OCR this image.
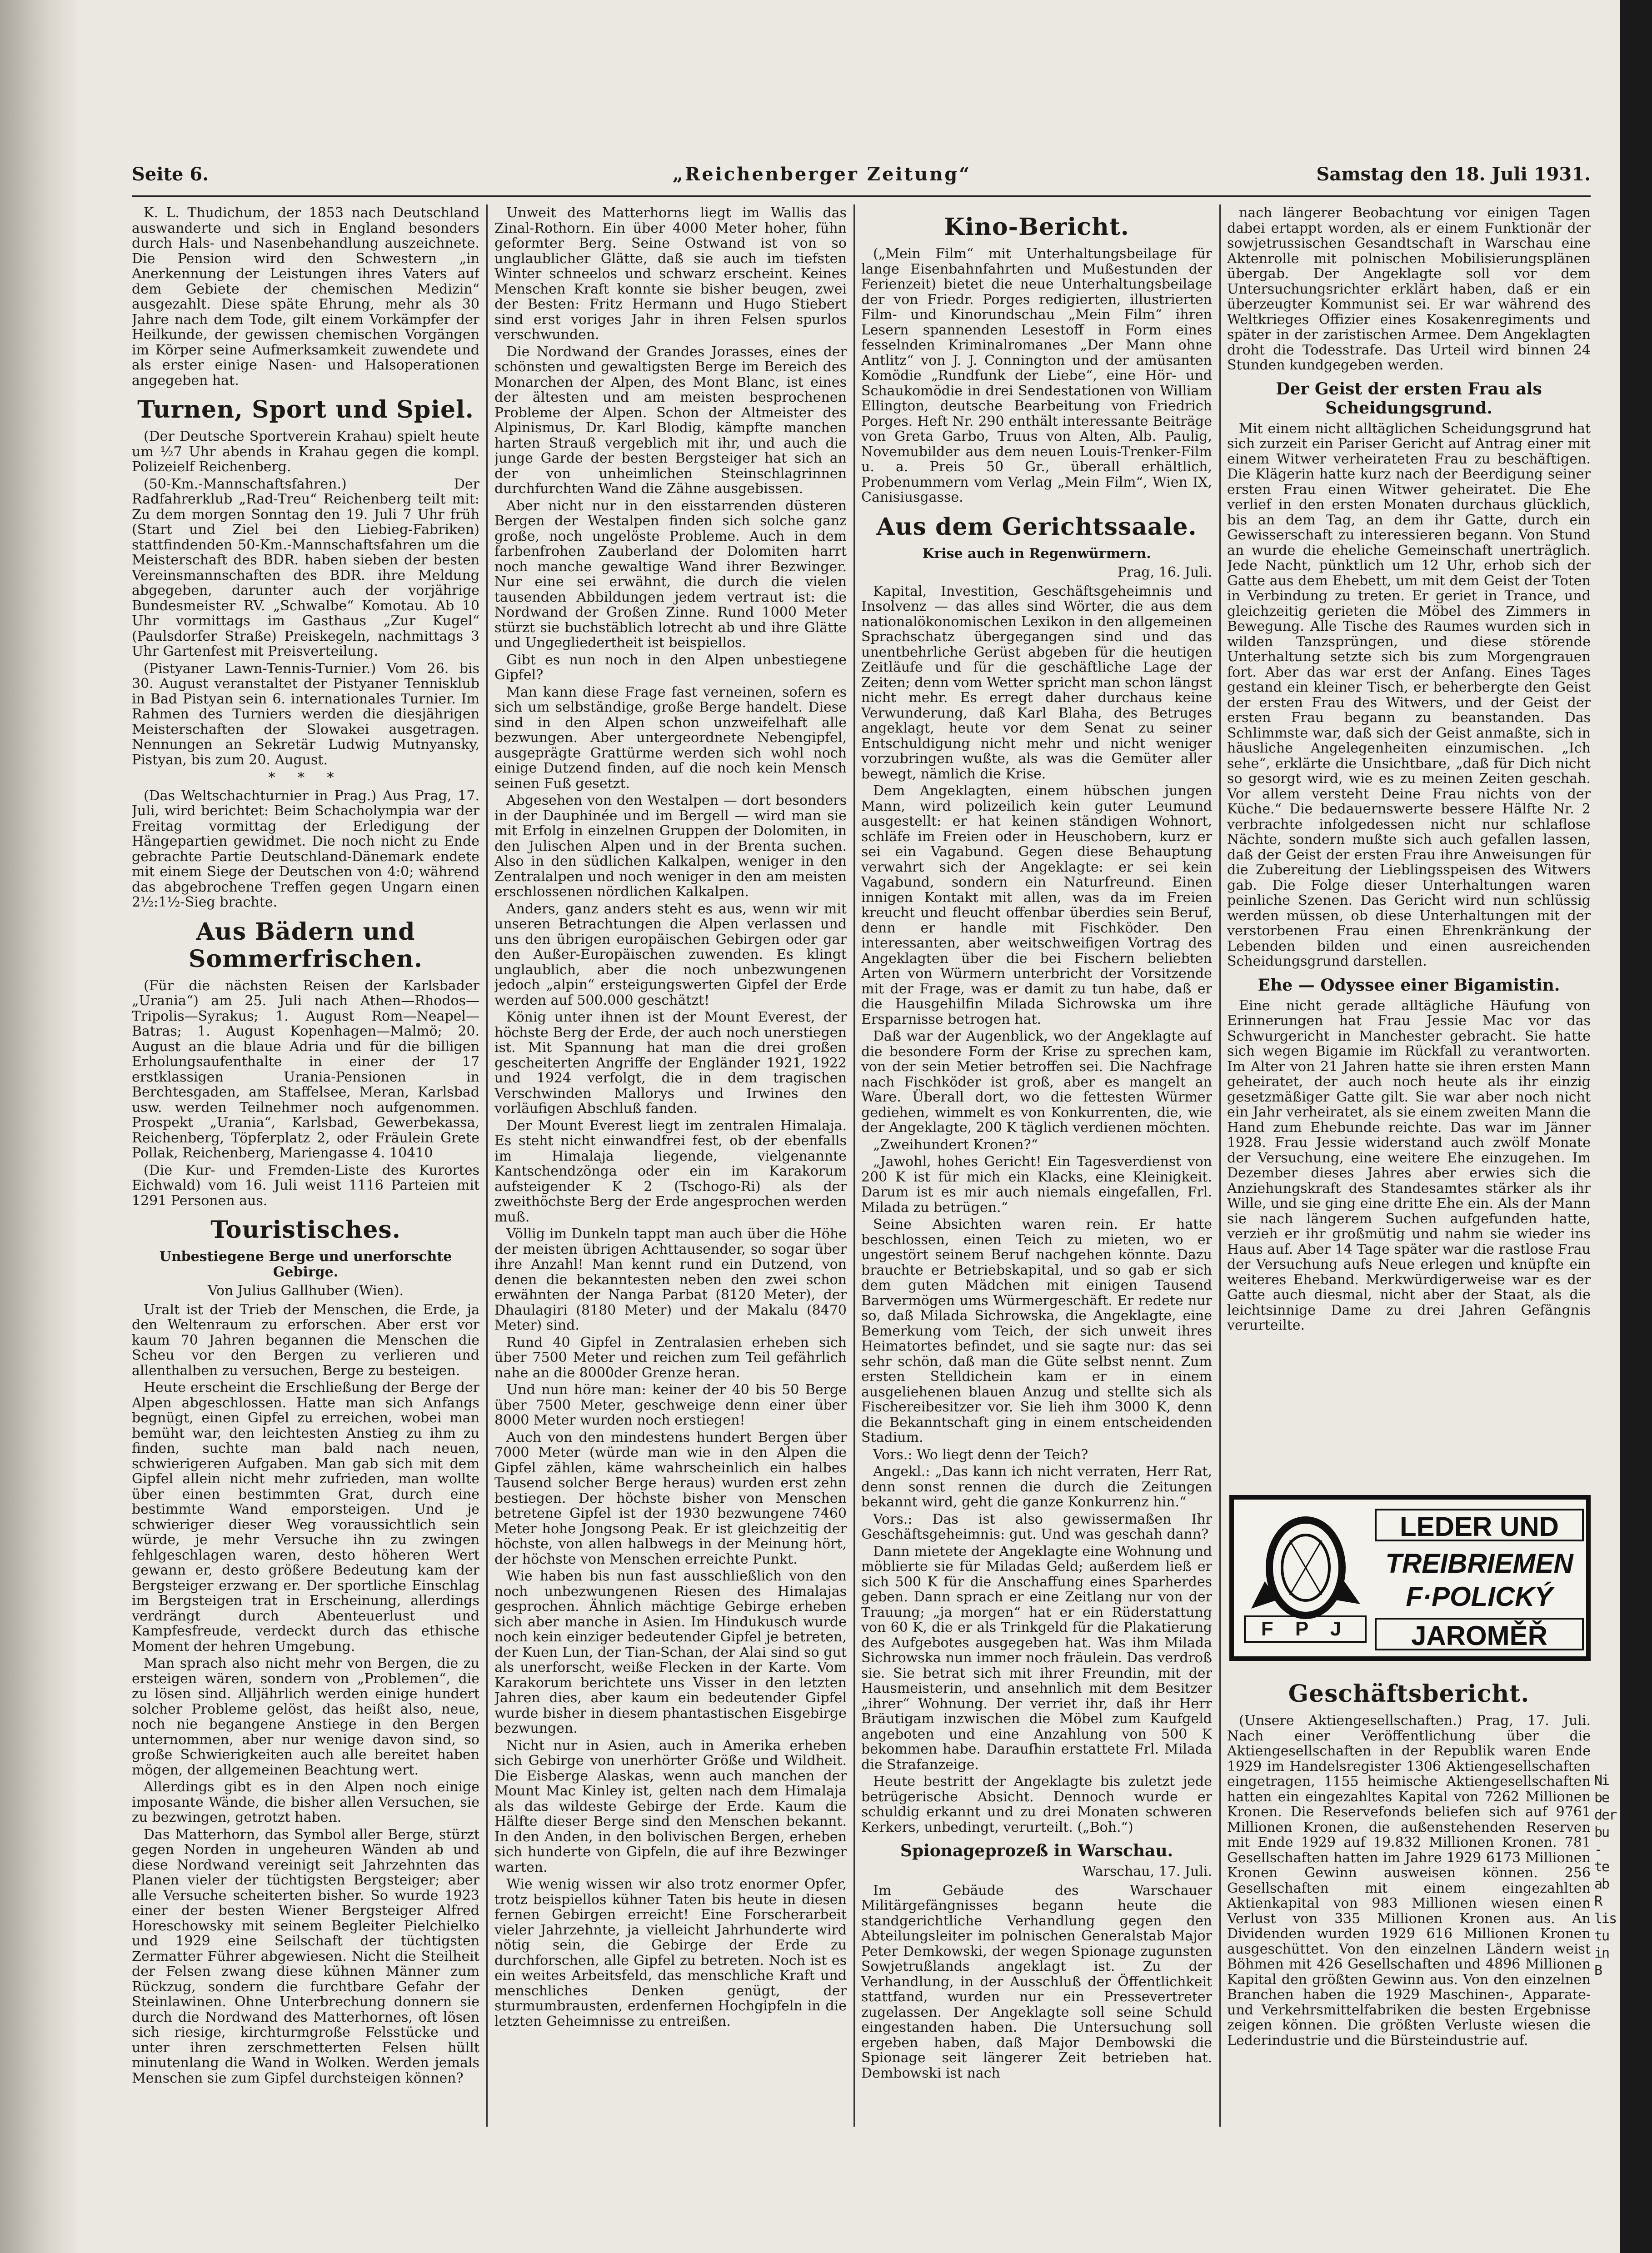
Ni
be
der
bu
-
te
ab
R
lis
tu
in
B
Seite 6.	„Reichenberger Zeitung“	Samstag den 18. Juli 1931.

K. L. Thudichum, der 1853 nach Deutschland auswanderte und sich in England besonders durch Hals- und Nasenbehandlung auszeichnete. Die Pension wird den Schwestern „in Anerkennung der Leistungen ihres Vaters auf dem Gebiete der chemischen Medizin“ ausgezahlt. Diese späte Ehrung, mehr als 30 Jahre nach dem Tode, gilt einem Vorkämpfer der Heilkunde, der gewissen chemischen Vorgängen im Körper seine Aufmerksamkeit zuwendete und als erster einige Nasen- und Halsoperationen angegeben hat.

Turnen, Sport und Spiel.

(Der Deutsche Sportverein Krahau) spielt heute um ½7 Uhr abends in Krahau gegen die kompl. Polizeielf Reichenberg.

(50-Km.-Mannschaftsfahren.) Der Radfahrerklub „Rad-Treu“ Reichenberg teilt mit: Zu dem morgen Sonntag den 19. Juli 7 Uhr früh (Start und Ziel bei den Liebieg-Fabriken) stattfindenden 50-Km.-Mannschaftsfahren um die Meisterschaft des BDR. haben sieben der besten Vereinsmannschaften des BDR. ihre Meldung abgegeben, darunter auch der vorjährige Bundesmeister RV. „Schwalbe“ Komotau. Ab 10 Uhr vormittags im Gasthaus „Zur Kugel“ (Paulsdorfer Straße) Preiskegeln, nachmittags 3 Uhr Gartenfest mit Preisverteilung.

(Pistyaner Lawn-Tennis-Turnier.) Vom 26. bis 30. August veranstaltet der Pistyaner Tennisklub in Bad Pistyan sein 6. internationales Turnier. Im Rahmen des Turniers werden die diesjährigen Meisterschaften der Slowakei ausgetragen. Nennungen an Sekretär Ludwig Mutnyansky, Pistyan, bis zum 20. August.

* * *

(Das Weltschachturnier in Prag.) Aus Prag, 17. Juli, wird berichtet: Beim Schacholympia war der Freitag vormittag der Erledigung der Hängepartien gewidmet. Die noch nicht zu Ende gebrachte Partie Deutschland-Dänemark endete mit einem Siege der Deutschen von 4:0; während das abgebrochene Treffen gegen Ungarn einen 2½:1½-Sieg brachte.

Aus Bädern und Sommerfrischen.

(Für die nächsten Reisen der Karlsbader „Urania“) am 25. Juli nach Athen—Rhodos—Tripolis—Syrakus; 1. August Rom—Neapel—Batras; 1. August Kopenhagen—Malmö; 20. August an die blaue Adria und für die billigen Erholungsaufenthalte in einer der 17 erstklassigen Urania-Pensionen in Berchtesgaden, am Staffelsee, Meran, Karlsbad usw. werden Teilnehmer noch aufgenommen. Prospekt „Urania“, Karlsbad, Gewerbekassa, Reichenberg, Töpferplatz 2, oder Fräulein Grete Pollak, Reichenberg, Mariengasse 4. 10410

(Die Kur- und Fremden-Liste des Kurortes Eichwald) vom 16. Juli weist 1116 Parteien mit 1291 Personen aus.

Touristisches.
Unbestiegene Berge und unerforschte Gebirge.
Von Julius Gallhuber (Wien).

Uralt ist der Trieb der Menschen, die Erde, ja den Weltenraum zu erforschen. Aber erst vor kaum 70 Jahren begannen die Menschen die Scheu vor den Bergen zu verlieren und allenthalben zu versuchen, Berge zu besteigen.

Heute erscheint die Erschließung der Berge der Alpen abgeschlossen. Hatte man sich Anfangs begnügt, einen Gipfel zu erreichen, wobei man bemüht war, den leichtesten Anstieg zu ihm zu finden, suchte man bald nach neuen, schwierigeren Aufgaben. Man gab sich mit dem Gipfel allein nicht mehr zufrieden, man wollte über einen bestimmten Grat, durch eine bestimmte Wand emporsteigen. Und je schwieriger dieser Weg voraussichtlich sein würde, je mehr Versuche ihn zu zwingen fehlgeschlagen waren, desto höheren Wert gewann er, desto größere Bedeutung kam der Bergsteiger erzwang er. Der sportliche Einschlag im Bergsteigen trat in Erscheinung, allerdings verdrängt durch Abenteuerlust und Kampfesfreude, verdeckt durch das ethische Moment der hehren Umgebung.

Man sprach also nicht mehr von Bergen, die zu ersteigen wären, sondern von „Problemen“, die zu lösen sind. Alljährlich werden einige hundert solcher Probleme gelöst, das heißt also, neue, noch nie begangene Anstiege in den Bergen unternommen, aber nur wenige davon sind, so große Schwierigkeiten auch alle bereitet haben mögen, der allgemeinen Beachtung wert.

Allerdings gibt es in den Alpen noch einige imposante Wände, die bisher allen Versuchen, sie zu bezwingen, getrotzt haben.

Das Matterhorn, das Symbol aller Berge, stürzt gegen Norden in ungeheuren Wänden ab und diese Nordwand vereinigt seit Jahrzehnten das Planen vieler der tüchtigsten Bergsteiger; aber alle Versuche scheiterten bisher. So wurde 1923 einer der besten Wiener Bergsteiger Alfred Horeschowsky mit seinem Begleiter Pielchielko und 1929 eine Seilschaft der tüchtigsten Zermatter Führer abgewiesen. Nicht die Steilheit der Felsen zwang diese kühnen Männer zum Rückzug, sondern die furchtbare Gefahr der Steinlawinen. Ohne Unterbrechung donnern sie durch die Nordwand des Matterhornes, oft lösen sich riesige, kirchturmgroße Felsstücke und unter ihren zerschmetterten Felsen hüllt minutenlang die Wand in Wolken. Werden jemals Menschen sie zum Gipfel durchsteigen können?

Unweit des Matterhorns liegt im Wallis das Zinal-Rothorn. Ein über 4000 Meter hoher, fühn geformter Berg. Seine Ostwand ist von so unglaublicher Glätte, daß sie auch im tiefsten Winter schneelos und schwarz erscheint. Keines Menschen Kraft konnte sie bisher beugen, zwei der Besten: Fritz Hermann und Hugo Stiebert sind erst voriges Jahr in ihren Felsen spurlos verschwunden.

Die Nordwand der Grandes Jorasses, eines der schönsten und gewaltigsten Berge im Bereich des Monarchen der Alpen, des Mont Blanc, ist eines der ältesten und am meisten besprochenen Probleme der Alpen. Schon der Altmeister des Alpinismus, Dr. Karl Blodig, kämpfte manchen harten Strauß vergeblich mit ihr, und auch die junge Garde der besten Bergsteiger hat sich an der von unheimlichen Steinschlagrinnen durchfurchten Wand die Zähne ausgebissen.

Aber nicht nur in den eisstarrenden düsteren Bergen der Westalpen finden sich solche ganz große, noch ungelöste Probleme. Auch in dem farbenfrohen Zauberland der Dolomiten harrt noch manche gewaltige Wand ihrer Bezwinger. Nur eine sei erwähnt, die durch die vielen tausenden Abbildungen jedem vertraut ist: die Nordwand der Großen Zinne. Rund 1000 Meter stürzt sie buchstäblich lotrecht ab und ihre Glätte und Ungegliedertheit ist beispiellos.

Gibt es nun noch in den Alpen unbestiegene Gipfel?

Man kann diese Frage fast verneinen, sofern es sich um selbständige, große Berge handelt. Diese sind in den Alpen schon unzweifelhaft alle bezwungen. Aber untergeordnete Nebengipfel, ausgeprägte Grattürme werden sich wohl noch einige Dutzend finden, auf die noch kein Mensch seinen Fuß gesetzt.

Abgesehen von den Westalpen — dort besonders in der Dauphinée und im Bergell — wird man sie mit Erfolg in einzelnen Gruppen der Dolomiten, in den Julischen Alpen und in der Brenta suchen. Also in den südlichen Kalkalpen, weniger in den Zentralalpen und noch weniger in den am meisten erschlossenen nördlichen Kalkalpen.

Anders, ganz anders steht es aus, wenn wir mit unseren Betrachtungen die Alpen verlassen und uns den übrigen europäischen Gebirgen oder gar den Außer-Europäischen zuwenden. Es klingt unglaublich, aber die noch unbezwungenen jedoch „alpin“ ersteigungswerten Gipfel der Erde werden auf 500.000 geschätzt!

König unter ihnen ist der Mount Everest, der höchste Berg der Erde, der auch noch unerstiegen ist. Mit Spannung hat man die drei großen gescheiterten Angriffe der Engländer 1921, 1922 und 1924 verfolgt, die in dem tragischen Verschwinden Mallorys und Irwines den vorläufigen Abschluß fanden.

Der Mount Everest liegt im zentralen Himalaja. Es steht nicht einwandfrei fest, ob der ebenfalls im Himalaja liegende, vielgenannte Kantschendzönga oder ein im Karakorum aufsteigender K 2 (Tschogo-Ri) als der zweithöchste Berg der Erde angesprochen werden muß.

Völlig im Dunkeln tappt man auch über die Höhe der meisten übrigen Achttausender, so sogar über ihre Anzahl! Man kennt rund ein Dutzend, von denen die bekanntesten neben den zwei schon erwähnten der Nanga Parbat (8120 Meter), der Dhaulagiri (8180 Meter) und der Makalu (8470 Meter) sind.

Rund 40 Gipfel in Zentralasien erheben sich über 7500 Meter und reichen zum Teil gefährlich nahe an die 8000der Grenze heran.

Und nun höre man: keiner der 40 bis 50 Berge über 7500 Meter, geschweige denn einer über 8000 Meter wurden noch erstiegen!

Auch von den mindestens hundert Bergen über 7000 Meter (würde man wie in den Alpen die Gipfel zählen, käme wahrscheinlich ein halbes Tausend solcher Berge heraus) wurden erst zehn bestiegen. Der höchste bisher von Menschen betretene Gipfel ist der 1930 bezwungene 7460 Meter hohe Jongsong Peak. Er ist gleichzeitig der höchste, von allen halbwegs in der Meinung hört, der höchste von Menschen erreichte Punkt.

Wie haben bis nun fast ausschließlich von den noch unbezwungenen Riesen des Himalajas gesprochen. Ähnlich mächtige Gebirge erheben sich aber manche in Asien. Im Hindukusch wurde noch kein einziger bedeutender Gipfel je betreten, der Kuen Lun, der Tian-Schan, der Alai sind so gut als unerforscht, weiße Flecken in der Karte. Vom Karakorum berichtete uns Visser in den letzten Jahren dies, aber kaum ein bedeutender Gipfel wurde bisher in diesem phantastischen Eisgebirge bezwungen.

Nicht nur in Asien, auch in Amerika erheben sich Gebirge von unerhörter Größe und Wildheit. Die Eisberge Alaskas, wenn auch manchen der Mount Mac Kinley ist, gelten nach dem Himalaja als das wildeste Gebirge der Erde. Kaum die Hälfte dieser Berge sind den Menschen bekannt. In den Anden, in den bolivischen Bergen, erheben sich hunderte von Gipfeln, die auf ihre Bezwinger warten.

Wie wenig wissen wir also trotz enormer Opfer, trotz beispiellos kühner Taten bis heute in diesen fernen Gebirgen erreicht! Eine Forscherarbeit vieler Jahrzehnte, ja vielleicht Jahrhunderte wird nötig sein, die Gebirge der Erde zu durchforschen, alle Gipfel zu betreten. Noch ist es ein weites Arbeitsfeld, das menschliche Kraft und menschliches Denken genügt, der sturmumbrausten, erdenfernen Hochgipfeln in die letzten Geheimnisse zu entreißen.

Kino-Bericht.

(„Mein Film“ mit Unterhaltungsbeilage für lange Eisenbahnfahrten und Mußestunden der Ferienzeit) bietet die neue Unterhaltungsbeilage der von Friedr. Porges redigierten, illustrierten Film- und Kinorundschau „Mein Film“ ihren Lesern spannenden Lesestoff in Form eines fesselnden Kriminalromanes „Der Mann ohne Antlitz“ von J. J. Connington und der amüsanten Komödie „Rundfunk der Liebe“, eine Hör- und Schaukomödie in drei Sendestationen von William Ellington, deutsche Bearbeitung von Friedrich Porges. Heft Nr. 290 enthält interessante Beiträge von Greta Garbo, Truus von Alten, Alb. Paulig, Novemubilder aus dem neuen Louis-Trenker-Film u. a. Preis 50 Gr., überall erhältlich, Probenummern vom Verlag „Mein Film“, Wien IX, Canisiusgasse.

Aus dem Gerichtssaale.
Krise auch in Regenwürmern.
Prag, 16. Juli.

Kapital, Investition, Geschäftsgeheimnis und Insolvenz — das alles sind Wörter, die aus dem nationalökonomischen Lexikon in den allgemeinen Sprachschatz übergegangen sind und das unentbehrliche Gerüst abgeben für die heutigen Zeitläufe und für die geschäftliche Lage der Zeiten; denn vom Wetter spricht man schon längst nicht mehr. Es erregt daher durchaus keine Verwunderung, daß Karl Blaha, des Betruges angeklagt, heute vor dem Senat zu seiner Entschuldigung nicht mehr und nicht weniger vorzubringen wußte, als was die Gemüter aller bewegt, nämlich die Krise.

Dem Angeklagten, einem hübschen jungen Mann, wird polizeilich kein guter Leumund ausgestellt: er hat keinen ständigen Wohnort, schläfe im Freien oder in Heuschobern, kurz er sei ein Vagabund. Gegen diese Behauptung verwahrt sich der Angeklagte: er sei kein Vagabund, sondern ein Naturfreund. Einen innigen Kontakt mit allen, was da im Freien kreucht und fleucht offenbar überdies sein Beruf, denn er handle mit Fischköder. Den interessanten, aber weitschweifigen Vortrag des Angeklagten über die bei Fischern beliebten Arten von Würmern unterbricht der Vorsitzende mit der Frage, was er damit zu tun habe, daß er die Hausgehilfin Milada Sichrowska um ihre Ersparnisse betrogen hat.

Daß war der Augenblick, wo der Angeklagte auf die besondere Form der Krise zu sprechen kam, von der sein Metier betroffen sei. Die Nachfrage nach Fischköder ist groß, aber es mangelt an Ware. Überall dort, wo die fettesten Würmer gediehen, wimmelt es von Konkurrenten, die, wie der Angeklagte, 200 K täglich verdienen möchten.

„Zweihundert Kronen?“

„Jawohl, hohes Gericht! Ein Tagesverdienst von 200 K ist für mich ein Klacks, eine Kleinigkeit. Darum ist es mir auch niemals eingefallen, Frl. Milada zu betrügen.“

Seine Absichten waren rein. Er hatte beschlossen, einen Teich zu mieten, wo er ungestört seinem Beruf nachgehen könnte. Dazu brauchte er Betriebskapital, und so gab er sich dem guten Mädchen mit einigen Tausend Barvermögen ums Würmergeschäft. Er redete nur so, daß Milada Sichrowska, die Angeklagte, eine Bemerkung vom Teich, der sich unweit ihres Heimatortes befindet, und sie sagte nur: das sei sehr schön, daß man die Güte selbst nennt. Zum ersten Stelldichein kam er in einem ausgeliehenen blauen Anzug und stellte sich als Fischereibesitzer vor. Sie lieh ihm 3000 K, denn die Bekanntschaft ging in einem entscheidenden Stadium.

Vors.: Wo liegt denn der Teich?

Angekl.: „Das kann ich nicht verraten, Herr Rat, denn sonst rennen die durch die Zeitungen bekannt wird, geht die ganze Konkurrenz hin.“

Vors.: Das ist also gewissermaßen Ihr Geschäftsgeheimnis: gut. Und was geschah dann?

Dann mietete der Angeklagte eine Wohnung und möblierte sie für Miladas Geld; außerdem ließ er sich 500 K für die Anschaffung eines Sparherdes geben. Dann sprach er eine Zeitlang nur von der Trauung; „ja morgen“ hat er ein Rüderstattung von 60 K, die er als Trinkgeld für die Plakatierung des Aufgebotes ausgegeben hat. Was ihm Milada Sichrowska nun immer noch fräulein. Das verdroß sie. Sie betrat sich mit ihrer Freundin, mit der Hausmeisterin, und ansehnlich mit dem Besitzer „ihrer“ Wohnung. Der verriet ihr, daß ihr Herr Bräutigam inzwischen die Möbel zum Kaufgeld angeboten und eine Anzahlung von 500 K bekommen habe. Daraufhin erstattete Frl. Milada die Strafanzeige.

Heute bestritt der Angeklagte bis zuletzt jede betrügerische Absicht. Dennoch wurde er schuldig erkannt und zu drei Monaten schweren Kerkers, unbedingt, verurteilt. („Boh.“)

Spionageprozeß in Warschau.
Warschau, 17. Juli.

Im Gebäude des Warschauer Militärgefängnisses begann heute die standgerichtliche Verhandlung gegen den Abteilungsleiter im polnischen Generalstab Major Peter Demkowski, der wegen Spionage zugunsten Sowjetrußlands angeklagt ist. Zu der Verhandlung, in der Ausschluß der Öffentlichkeit stattfand, wurden nur ein Pressevertreter zugelassen. Der Angeklagte soll seine Schuld eingestanden haben. Die Untersuchung soll ergeben haben, daß Major Dembowski die Spionage seit längerer Zeit betrieben hat. Dembowski ist nach

nach längerer Beobachtung vor einigen Tagen dabei ertappt worden, als er einem Funktionär der sowjetrussischen Gesandtschaft in Warschau eine Aktenrolle mit polnischen Mobilisierungsplänen übergab. Der Angeklagte soll vor dem Untersuchungsrichter erklärt haben, daß er ein überzeugter Kommunist sei. Er war während des Weltkrieges Offizier eines Kosakenregiments und später in der zaristischen Armee. Dem Angeklagten droht die Todesstrafe. Das Urteil wird binnen 24 Stunden kundgegeben werden.

Der Geist der ersten Frau als Scheidungsgrund.

Mit einem nicht alltäglichen Scheidungsgrund hat sich zurzeit ein Pariser Gericht auf Antrag einer mit einem Witwer verheirateten Frau zu beschäftigen. Die Klägerin hatte kurz nach der Beerdigung seiner ersten Frau einen Witwer geheiratet. Die Ehe verlief in den ersten Monaten durchaus glücklich, bis an dem Tag, an dem ihr Gatte, durch ein Gewisserschaft zu interessieren begann. Von Stund an wurde die eheliche Gemeinschaft unerträglich. Jede Nacht, pünktlich um 12 Uhr, erhob sich der Gatte aus dem Ehebett, um mit dem Geist der Toten in Verbindung zu treten. Er geriet in Trance, und gleichzeitig gerieten die Möbel des Zimmers in Bewegung. Alle Tische des Raumes wurden sich in wilden Tanzsprüngen, und diese störende Unterhaltung setzte sich bis zum Morgengrauen fort. Aber das war erst der Anfang. Eines Tages gestand ein kleiner Tisch, er beherbergte den Geist der ersten Frau des Witwers, und der Geist der ersten Frau begann zu beanstanden. Das Schlimmste war, daß sich der Geist anmaßte, sich in häusliche Angelegenheiten einzumischen. „Ich sehe“, erklärte die Unsichtbare, „daß für Dich nicht so gesorgt wird, wie es zu meinen Zeiten geschah. Vor allem versteht Deine Frau nichts von der Küche.“ Die bedauernswerte bessere Hälfte Nr. 2 verbrachte infolgedessen nicht nur schlaflose Nächte, sondern mußte sich auch gefallen lassen, daß der Geist der ersten Frau ihre Anweisungen für die Zubereitung der Lieblingsspeisen des Witwers gab. Die Folge dieser Unterhaltungen waren peinliche Szenen. Das Gericht wird nun schlüssig werden müssen, ob diese Unterhaltungen mit der verstorbenen Frau einen Ehrenkränkung der Lebenden bilden und einen ausreichenden Scheidungsgrund darstellen.

Ehe — Odyssee einer Bigamistin.

Eine nicht gerade alltägliche Häufung von Erinnerungen hat Frau Jessie Mac vor das Schwurgericht in Manchester gebracht. Sie hatte sich wegen Bigamie im Rückfall zu verantworten. Im Alter von 21 Jahren hatte sie ihren ersten Mann geheiratet, der auch noch heute als ihr einzig gesetzmäßiger Gatte gilt. Sie war aber noch nicht ein Jahr verheiratet, als sie einem zweiten Mann die Hand zum Ehebunde reichte. Das war im Jänner 1928. Frau Jessie widerstand auch zwölf Monate der Versuchung, eine weitere Ehe einzugehen. Im Dezember dieses Jahres aber erwies sich die Anziehungskraft des Standesamtes stärker als ihr Wille, und sie ging eine dritte Ehe ein. Als der Mann sie nach längerem Suchen aufgefunden hatte, verzieh er ihr großmütig und nahm sie wieder ins Haus auf. Aber 14 Tage später war die rastlose Frau der Versuchung aufs Neue erlegen und knüpfte ein weiteres Eheband. Merkwürdigerweise war es der Gatte auch diesmal, nicht aber der Staat, als die leichtsinnige Dame zu drei Jahren Gefängnis verurteilte.

F P J
LEDER UND
TREIBRIEMEN
F·POLICKÝ
JAROMĚŘ
Geschäftsbericht.

(Unsere Aktiengesellschaften.) Prag, 17. Juli. Nach einer Veröffentlichung über die Aktiengesellschaften in der Republik waren Ende 1929 im Handelsregister 1306 Aktiengesellschaften eingetragen, 1155 heimische Aktiengesellschaften hatten ein eingezahltes Kapital von 7262 Millionen Kronen. Die Reservefonds beliefen sich auf 9761 Millionen Kronen, die außenstehenden Reserven mit Ende 1929 auf 19.832 Millionen Kronen. 781 Gesellschaften hatten im Jahre 1929 6173 Millionen Kronen Gewinn ausweisen können. 256 Gesellschaften mit einem eingezahlten Aktienkapital von 983 Millionen wiesen einen Verlust von 335 Millionen Kronen aus. An Dividenden wurden 1929 616 Millionen Kronen ausgeschüttet. Von den einzelnen Ländern weist Böhmen mit 426 Gesellschaften und 4896 Millionen Kapital den größten Gewinn aus. Von den einzelnen Branchen haben die 1929 Maschinen-, Apparate- und Verkehrsmittelfabriken die besten Ergebnisse zeigen können. Die größten Verluste wiesen die Lederindustrie und die Bürsteindustrie auf.
